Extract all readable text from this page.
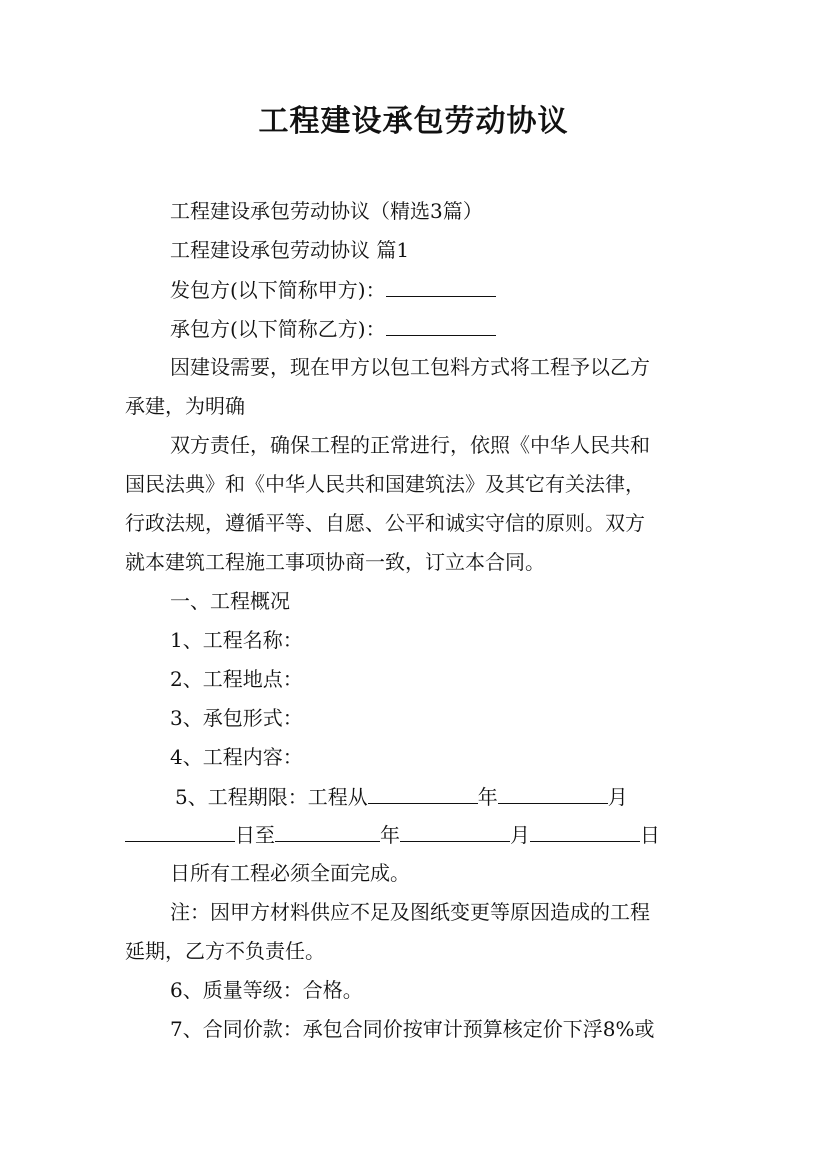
工程建设承包劳动协议

工程建设承包劳动协议（精选3篇）

工程建设承包劳动协议 篇1

发包方(以下简称甲方)：

承包方(以下简称乙方)：

因建设需要，现在甲方以包工包料方式将工程予以乙方

承建，为明确

双方责任，确保工程的正常进行，依照《中华人民共和

国民法典》和《中华人民共和国建筑法》及其它有关法律，

行政法规，遵循平等、自愿、公平和诚实守信的原则。双方

就本建筑工程施工事项协商一致，订立本合同。

一、工程概况

1、工程名称：

2、工程地点：

3、承包形式：

4、工程内容：

5、工程期限：工程从	年	月

日至	年	月	日

日所有工程必须全面完成。

注：因甲方材料供应不足及图纸变更等原因造成的工程

延期，乙方不负责任。

6、质量等级：合格。

7、合同价款：承包合同价按审计预算核定价下浮8%或
